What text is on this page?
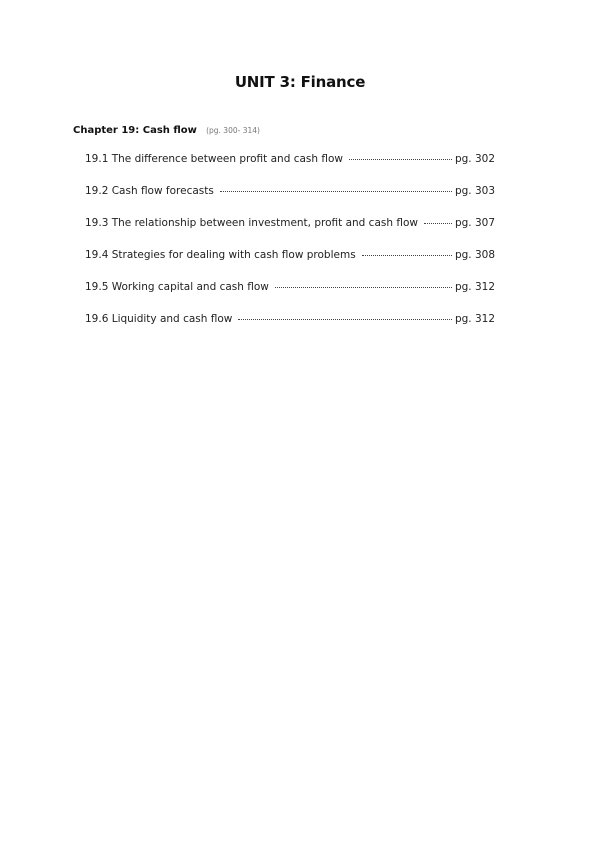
UNIT 3: Finance
Chapter 19: Cash flow (pg. 300- 314)
19.1 The difference between profit and cash flow	pg. 302
19.2 Cash flow forecasts	pg. 303
19.3 The relationship between investment, profit and cash flow	pg. 307
19.4 Strategies for dealing with cash flow problems	pg. 308
19.5 Working capital and cash flow	pg. 312
19.6 Liquidity and cash flow	pg. 312
